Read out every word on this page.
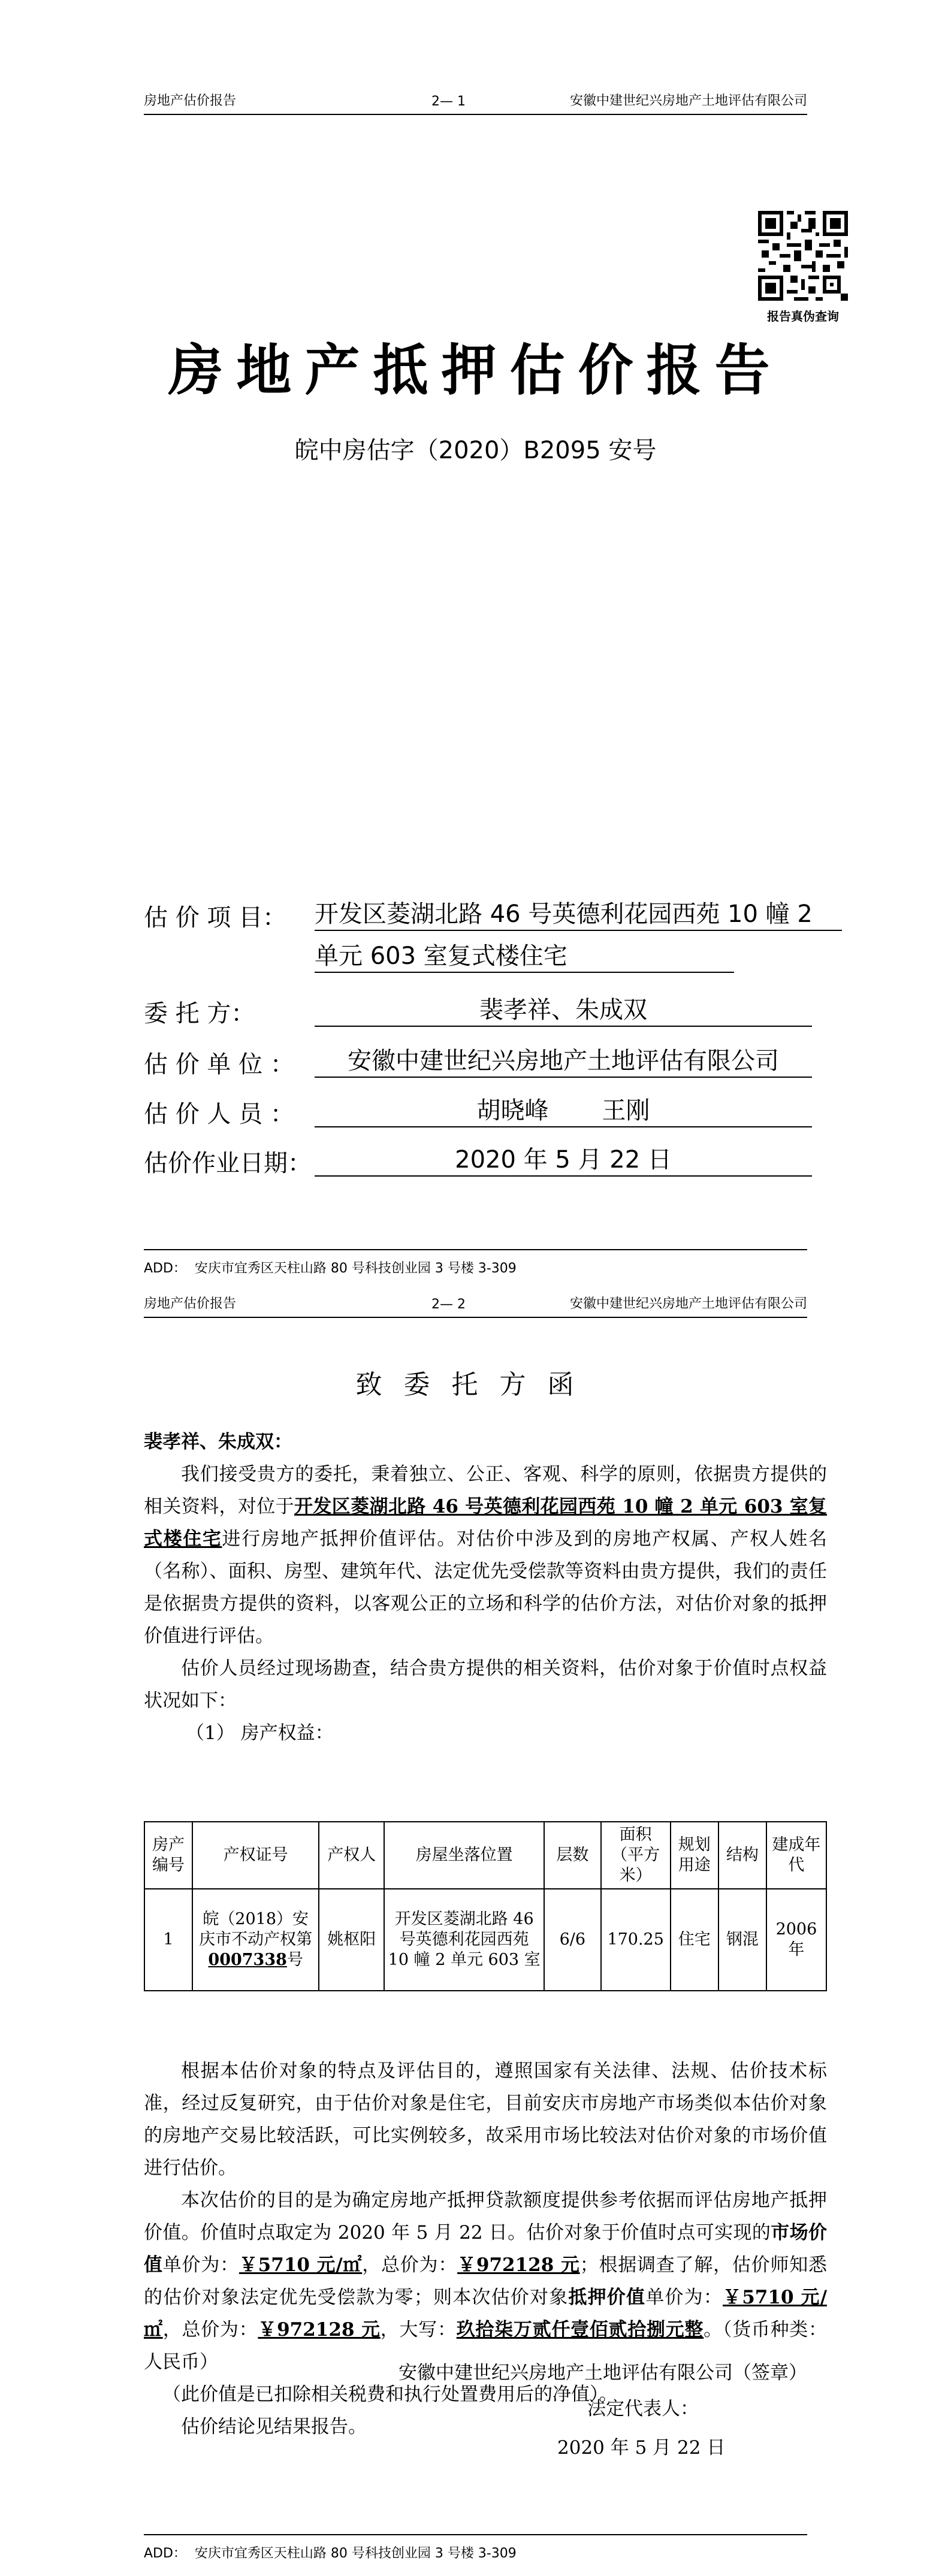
房地产估价报告	2— 1	安徽中建世纪兴房地产土地评估有限公司
报告真伪查询
房地产抵押估价报告
皖中房估字（2020）B2095 安号
估 价 项 目：	开发区菱湖北路 46 号英德利花园西苑 10 幢 2
单元 603 室复式楼住宅
委 托 方：	裴孝祥、朱成双
估 价 单 位 ：	安徽中建世纪兴房地产土地评估有限公司
估 价 人 员 ：	胡晓峰       王刚
估价作业日期：	2020 年 5 月 22 日
ADD：  安庆市宜秀区天柱山路 80 号科技创业园 3 号楼 3-309
房地产估价报告	2— 2	安徽中建世纪兴房地产土地评估有限公司
致委托方函

裴孝祥、朱成双：

我们接受贵方的委托，秉着独立、公正、客观、科学的原则，依据贵方提供的相关资料，对位于开发区菱湖北路 46 号英德利花园西苑 10 幢 2 单元 603 室复式楼住宅进行房地产抵押价值评估。对估价中涉及到的房地产权属、产权人姓名（名称）、面积、房型、建筑年代、法定优先受偿款等资料由贵方提供，我们的责任是依据贵方提供的资料，以客观公正的立场和科学的估价方法，对估价对象的抵押价值进行评估。

估价人员经过现场勘查，结合贵方提供的相关资料，估价对象于价值时点权益状况如下：

（1） 房产权益：

房产编号	产权证号	产权人	房屋坐落位置	层数	面积（平方米）	规划用途	结构	建成年代
1	皖（2018）安庆市不动产权第0007338号	姚枢阳	开发区菱湖北路 46 号英德利花园西苑 10 幢 2 单元 603 室	6/6	170.25	住宅	钢混	2006 年

根据本估价对象的特点及评估目的，遵照国家有关法律、法规、估价技术标准，经过反复研究，由于估价对象是住宅，目前安庆市房地产市场类似本估价对象的房地产交易比较活跃，可比实例较多，故采用市场比较法对估价对象的市场价值进行估价。

本次估价的目的是为确定房地产抵押贷款额度提供参考依据而评估房地产抵押价值。价值时点取定为 2020 年 5 月 22 日。估价对象于价值时点可实现的市场价值单价为：￥5710 元/㎡，总价为：￥972128 元；根据调查了解，估价师知悉的估价对象法定优先受偿款为零；则本次估价对象抵押价值单价为：￥5710 元/㎡，总价为：￥972128 元，大写：玖拾柒万贰仟壹佰贰拾捌元整。（货币种类：人民币）

（此价值是已扣除相关税费和执行处置费用后的净值）。

估价结论见结果报告。

安徽中建世纪兴房地产土地评估有限公司（签章）
法定代表人：
2020 年 5 月 22 日
ADD：  安庆市宜秀区天柱山路 80 号科技创业园 3 号楼 3-309
